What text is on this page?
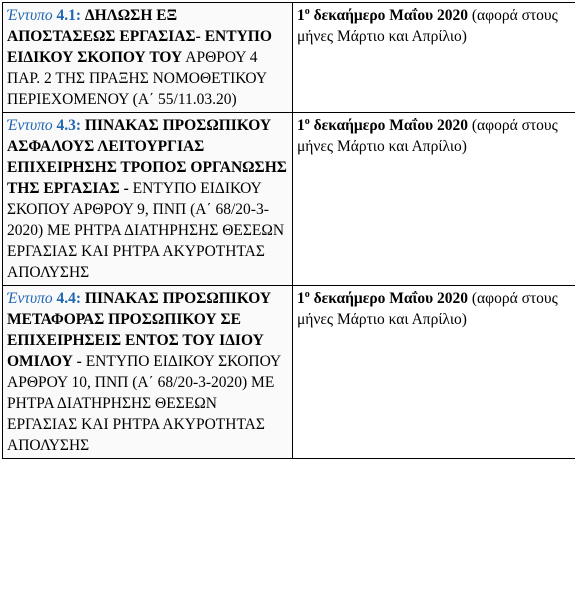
Έντυπο 4.1: ΔΗΛΩΣΗ ΕΞ ΑΠΟΣΤΑΣΕΩΣ ΕΡΓΑΣΙΑΣ- ΕΝΤΥΠΟ ΕΙΔΙΚΟΥ ΣΚΟΠΟΥ ΤΟΥ ΑΡΘΡΟΥ 4 ΠΑΡ. 2 ΤΗΣ ΠΡΑΞΗΣ ΝΟΜΟΘΕΤΙΚΟΥ ΠΕΡΙΕΧΟΜΕΝΟΥ (Α΄ 55/11.03.20)	$1^o$ δεκαήμερο Μαΐου 2020 (αφορά στους μήνες Μάρτιο και Απρίλιο)
Έντυπο 4.3: ΠΙΝΑΚΑΣ ΠΡΟΣΩΠΙΚΟΥ ΑΣΦΑΛΟΥΣ ΛΕΙΤΟΥΡΓΙΑΣ ΕΠΙΧΕΙΡΗΣΗΣ ΤΡΟΠΟΣ ΟΡΓΑΝΩΣΗΣ ΤΗΣ ΕΡΓΑΣΙΑΣ - ΕΝΤΥΠΟ ΕΙΔΙΚΟΥ ΣΚΟΠΟΥ ΑΡΘΡΟΥ 9, ΠΝΠ (Α΄ 68/20-3-2020) ΜΕ ΡΗΤΡΑ ΔΙΑΤΗΡΗΣΗΣ ΘΕΣΕΩΝ ΕΡΓΑΣΙΑΣ ΚΑΙ ΡΗΤΡΑ ΑΚΥΡΟΤΗΤΑΣ ΑΠΟΛΥΣΗΣ	$1^o$ δεκαήμερο Μαΐου 2020 (αφορά στους μήνες Μάρτιο και Απρίλιο)
Έντυπο 4.4: ΠΙΝΑΚΑΣ ΠΡΟΣΩΠΙΚΟΥ ΜΕΤΑΦΟΡΑΣ ΠΡΟΣΩΠΙΚΟΥ ΣΕ ΕΠΙΧΕΙΡΗΣΕΙΣ ΕΝΤΟΣ ΤΟΥ ΙΔΙΟΥ ΟΜΙΛΟΥ - ΕΝΤΥΠΟ ΕΙΔΙΚΟΥ ΣΚΟΠΟΥ ΑΡΘΡΟΥ 10, ΠΝΠ (Α΄ 68/20-3-2020) ΜΕ ΡΗΤΡΑ ΔΙΑΤΗΡΗΣΗΣ ΘΕΣΕΩΝ ΕΡΓΑΣΙΑΣ ΚΑΙ ΡΗΤΡΑ ΑΚΥΡΟΤΗΤΑΣ ΑΠΟΛΥΣΗΣ	$1^o$ δεκαήμερο Μαΐου 2020 (αφορά στους μήνες Μάρτιο και Απρίλιο)
